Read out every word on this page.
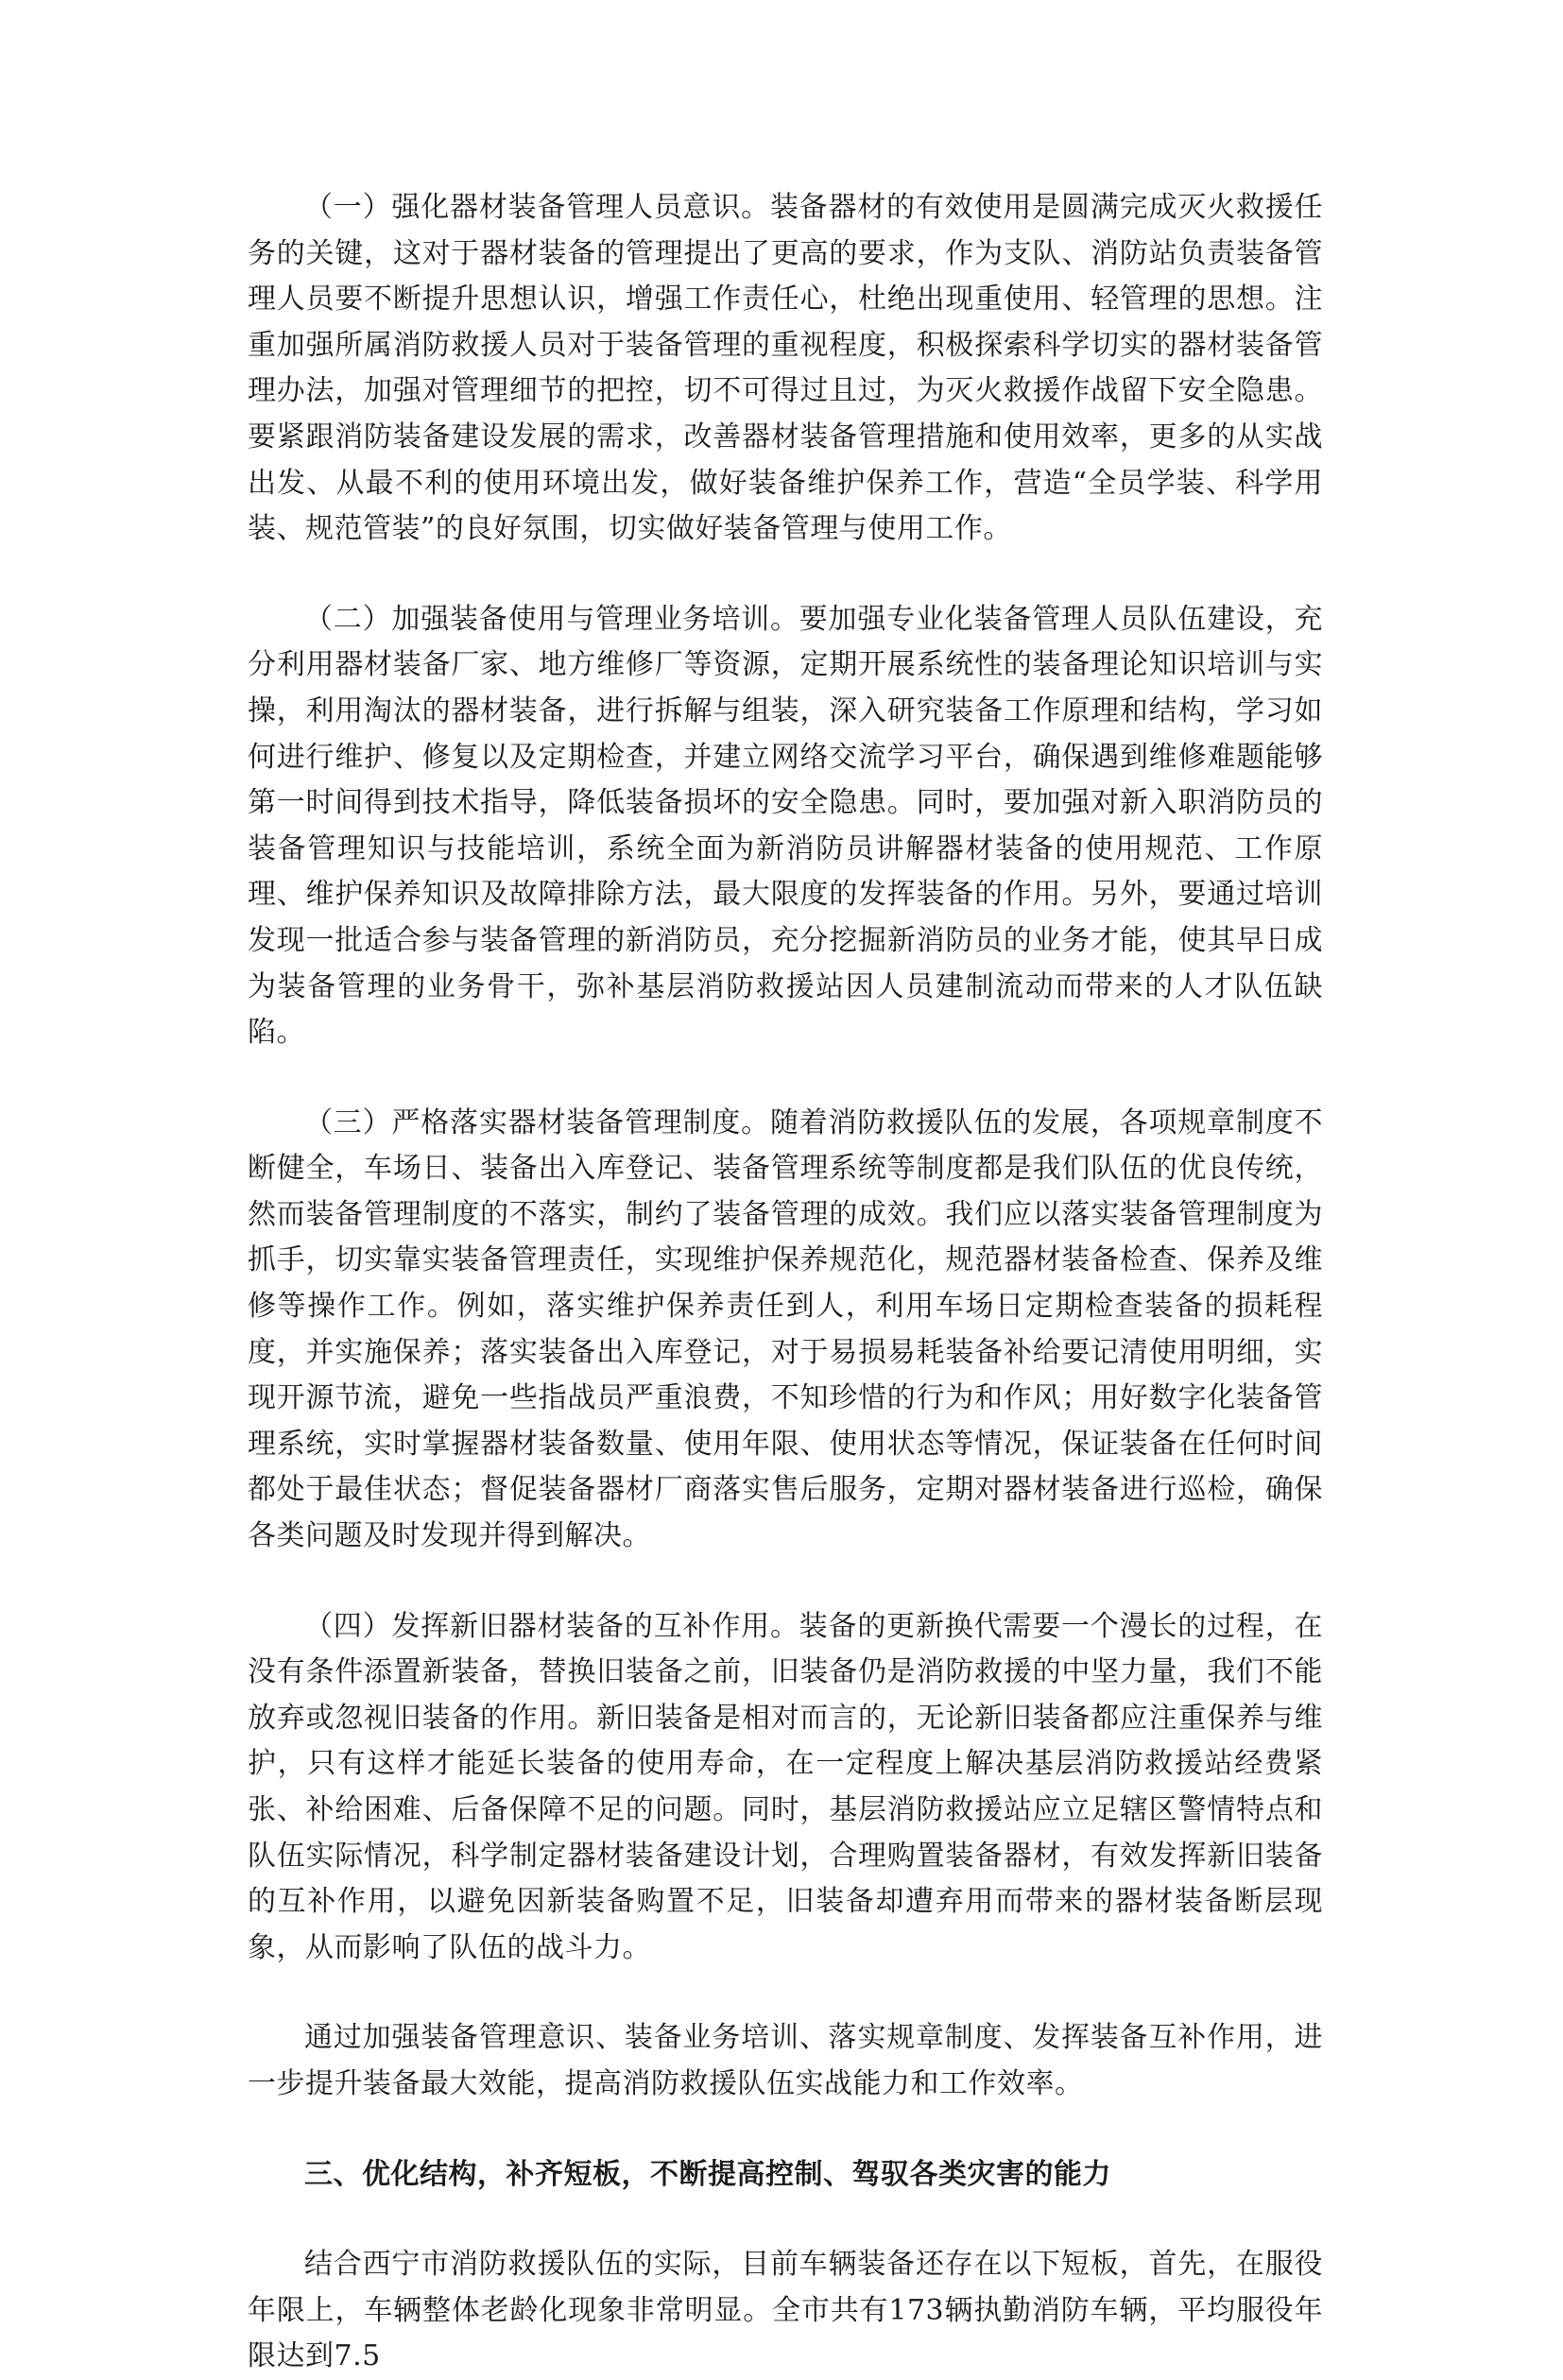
（一）强化器材装备管理人员意识。装备器材的有效使用是圆满完成灭火救援任务的关键，这对于器材装备的管理提出了更高的要求，作为支队、消防站负责装备管理人员要不断提升思想认识，增强工作责任心，杜绝出现重使用、轻管理的思想。注重加强所属消防救援人员对于装备管理的重视程度，积极探索科学切实的器材装备管理办法，加强对管理细节的把控，切不可得过且过，为灭火救援作战留下安全隐患。要紧跟消防装备建设发展的需求，改善器材装备管理措施和使用效率，更多的从实战出发、从最不利的使用环境出发，做好装备维护保养工作，营造“全员学装、科学用装、规范管装”的良好氛围，切实做好装备管理与使用工作。

（二）加强装备使用与管理业务培训。要加强专业化装备管理人员队伍建设，充分利用器材装备厂家、地方维修厂等资源，定期开展系统性的装备理论知识培训与实操，利用淘汰的器材装备，进行拆解与组装，深入研究装备工作原理和结构，学习如何进行维护、修复以及定期检查，并建立网络交流学习平台，确保遇到维修难题能够第一时间得到技术指导，降低装备损坏的安全隐患。同时，要加强对新入职消防员的装备管理知识与技能培训，系统全面为新消防员讲解器材装备的使用规范、工作原理、维护保养知识及故障排除方法，最大限度的发挥装备的作用。另外，要通过培训发现一批适合参与装备管理的新消防员，充分挖掘新消防员的业务才能，使其早日成为装备管理的业务骨干，弥补基层消防救援站因人员建制流动而带来的人才队伍缺陷。

（三）严格落实器材装备管理制度。随着消防救援队伍的发展，各项规章制度不断健全，车场日、装备出入库登记、装备管理系统等制度都是我们队伍的优良传统，然而装备管理制度的不落实，制约了装备管理的成效。我们应以落实装备管理制度为抓手，切实靠实装备管理责任，实现维护保养规范化，规范器材装备检查、保养及维修等操作工作。例如，落实维护保养责任到人，利用车场日定期检查装备的损耗程度，并实施保养；落实装备出入库登记，对于易损易耗装备补给要记清使用明细，实现开源节流，避免一些指战员严重浪费，不知珍惜的行为和作风；用好数字化装备管理系统，实时掌握器材装备数量、使用年限、使用状态等情况，保证装备在任何时间都处于最佳状态；督促装备器材厂商落实售后服务，定期对器材装备进行巡检，确保各类问题及时发现并得到解决。

（四）发挥新旧器材装备的互补作用。装备的更新换代需要一个漫长的过程，在没有条件添置新装备，替换旧装备之前，旧装备仍是消防救援的中坚力量，我们不能放弃或忽视旧装备的作用。新旧装备是相对而言的，无论新旧装备都应注重保养与维护，只有这样才能延长装备的使用寿命，在一定程度上解决基层消防救援站经费紧张、补给困难、后备保障不足的问题。同时，基层消防救援站应立足辖区警情特点和队伍实际情况，科学制定器材装备建设计划，合理购置装备器材，有效发挥新旧装备的互补作用，以避免因新装备购置不足，旧装备却遭弃用而带来的器材装备断层现象，从而影响了队伍的战斗力。

通过加强装备管理意识、装备业务培训、落实规章制度、发挥装备互补作用，进一步提升装备最大效能，提高消防救援队伍实战能力和工作效率。

三、优化结构，补齐短板，不断提高控制、驾驭各类灾害的能力

结合西宁市消防救援队伍的实际，目前车辆装备还存在以下短板，首先，在服役年限上，车辆整体老龄化现象非常明显。全市共有173辆执勤消防车辆，平均服役年限达到7.5
